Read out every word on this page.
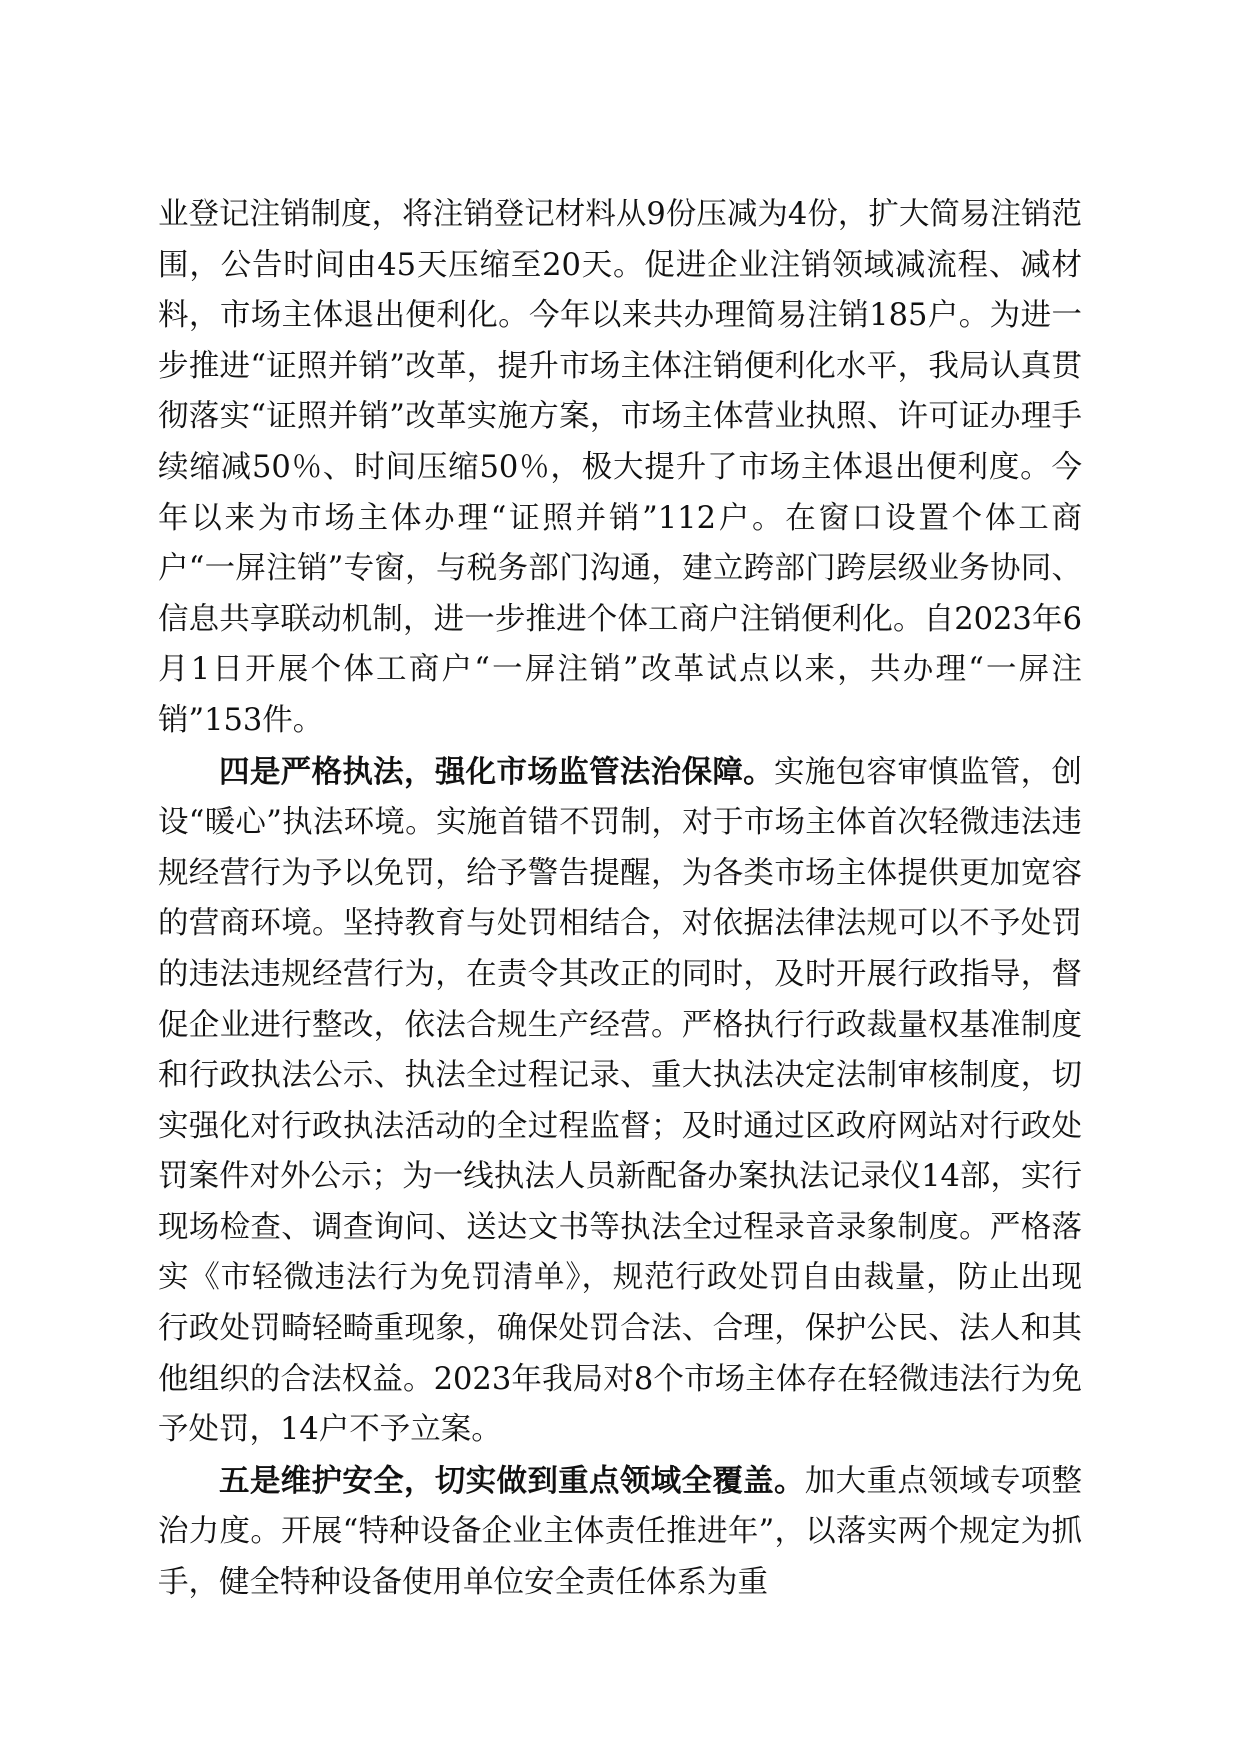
业登记注销制度，将注销登记材料从9份压减为4份，扩大简易注销范围，公告时间由45天压缩至20天。促进企业注销领域减流程、减材料，市场主体退出便利化。今年以来共办理简易注销185户。为进一步推进“证照并销”改革，提升市场主体注销便利化水平，我局认真贯彻落实“证照并销”改革实施方案，市场主体营业执照、许可证办理手续缩减50％、时间压缩50％，极大提升了市场主体退出便利度。今年以来为市场主体办理“证照并销”112户。在窗口设置个体工商户“一屏注销”专窗，与税务部门沟通，建立跨部门跨层级业务协同、信息共享联动机制，进一步推进个体工商户注销便利化。自2023年6月1日开展个体工商户“一屏注销”改革试点以来，共办理“一屏注销”153件。

四是严格执法，强化市场监管法治保障。实施包容审慎监管，创设“暖心”执法环境。实施首错不罚制，对于市场主体首次轻微违法违规经营行为予以免罚，给予警告提醒，为各类市场主体提供更加宽容的营商环境。坚持教育与处罚相结合，对依据法律法规可以不予处罚的违法违规经营行为，在责令其改正的同时，及时开展行政指导，督促企业进行整改，依法合规生产经营。严格执行行政裁量权基准制度和行政执法公示、执法全过程记录、重大执法决定法制审核制度，切实强化对行政执法活动的全过程监督；及时通过区政府网站对行政处罚案件对外公示；为一线执法人员新配备办案执法记录仪14部，实行现场检查、调查询问、送达文书等执法全过程录音录象制度。严格落实《市轻微违法行为免罚清单》，规范行政处罚自由裁量，防止出现行政处罚畸轻畸重现象，确保处罚合法、合理，保护公民、法人和其他组织的合法权益。2023年我局对8个市场主体存在轻微违法行为免予处罚，14户不予立案。

五是维护安全，切实做到重点领域全覆盖。加大重点领域专项整治力度。开展“特种设备企业主体责任推进年”，以落实两个规定为抓手，健全特种设备使用单位安全责任体系为重
